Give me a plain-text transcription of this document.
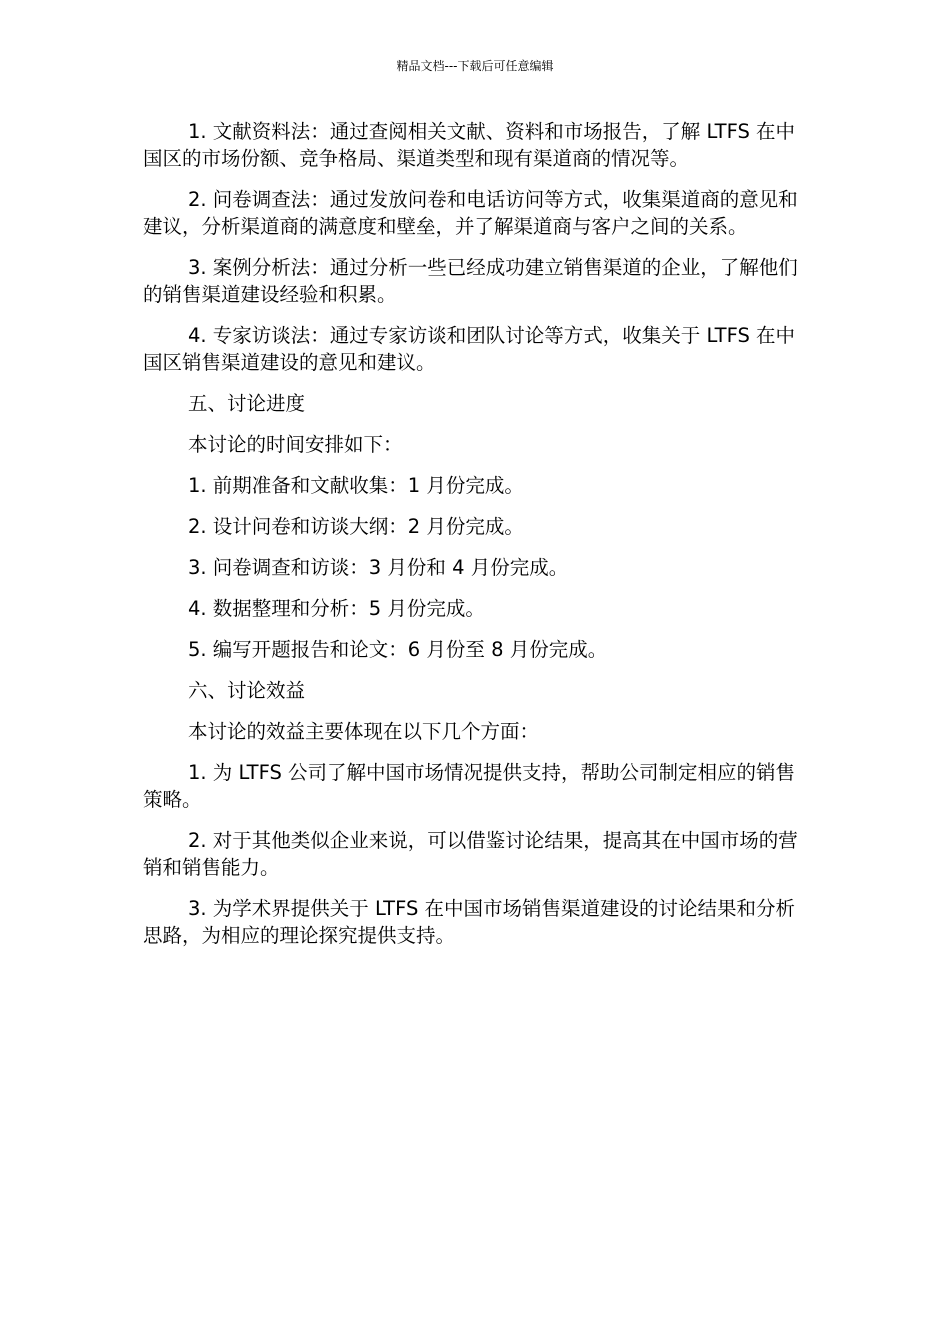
精品文档---下载后可任意编辑

1. 文献资料法：通过查阅相关文献、资料和市场报告，了解 LTFS 在中国区的市场份额、竞争格局、渠道类型和现有渠道商的情况等。

2. 问卷调查法：通过发放问卷和电话访问等方式，收集渠道商的意见和建议，分析渠道商的满意度和壁垒，并了解渠道商与客户之间的关系。

3. 案例分析法：通过分析一些已经成功建立销售渠道的企业，了解他们的销售渠道建设经验和积累。

4. 专家访谈法：通过专家访谈和团队讨论等方式，收集关于 LTFS 在中国区销售渠道建设的意见和建议。

五、讨论进度

本讨论的时间安排如下：

1. 前期准备和文献收集：1 月份完成。

2. 设计问卷和访谈大纲：2 月份完成。

3. 问卷调查和访谈：3 月份和 4 月份完成。

4. 数据整理和分析：5 月份完成。

5. 编写开题报告和论文：6 月份至 8 月份完成。

六、讨论效益

本讨论的效益主要体现在以下几个方面：

1. 为 LTFS 公司了解中国市场情况提供支持，帮助公司制定相应的销售策略。

2. 对于其他类似企业来说，可以借鉴讨论结果，提高其在中国市场的营销和销售能力。

3. 为学术界提供关于 LTFS 在中国市场销售渠道建设的讨论结果和分析思路，为相应的理论探究提供支持。
